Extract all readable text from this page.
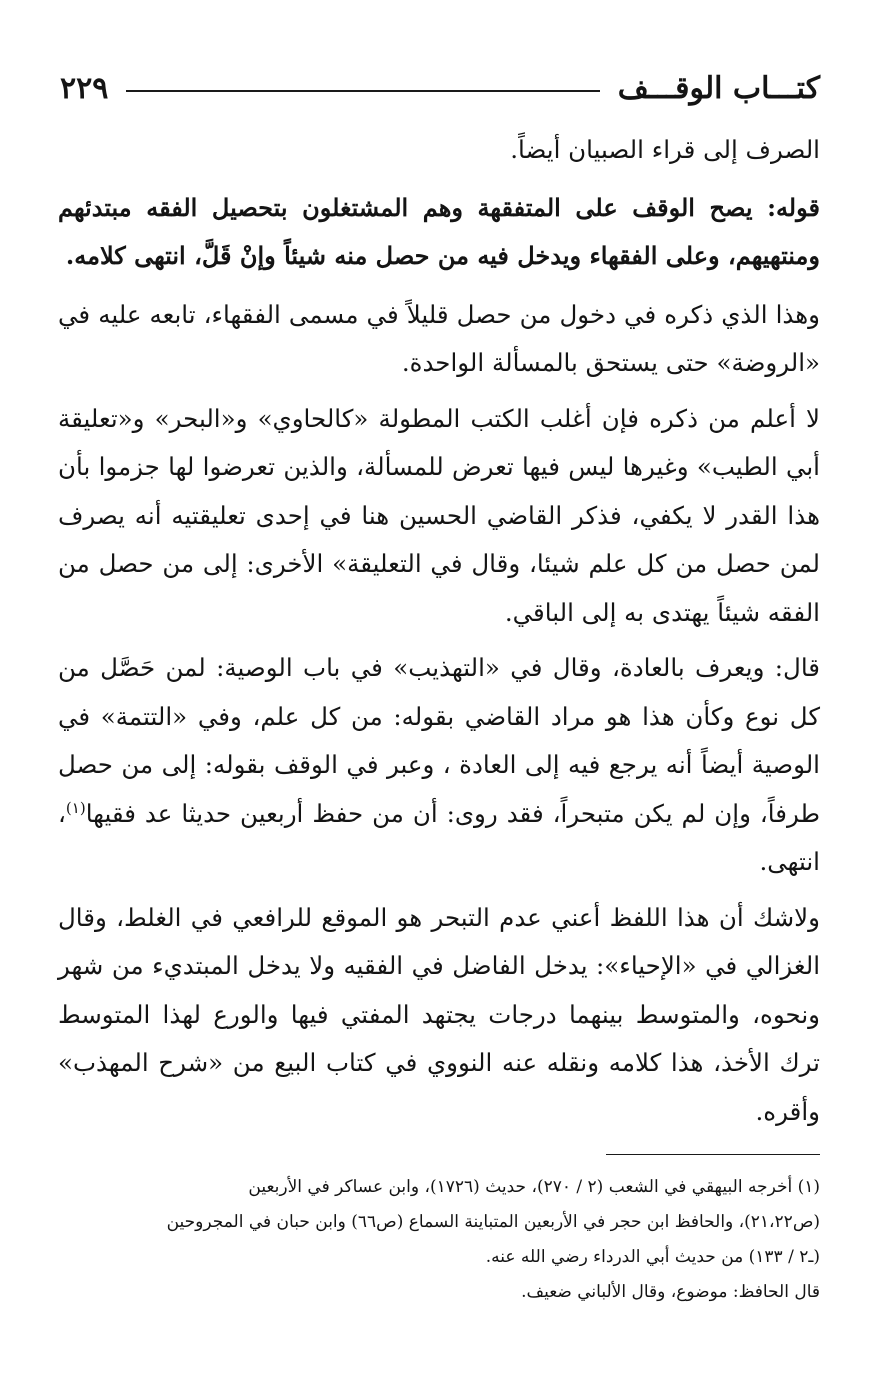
كتـــاب الوقـــف
٢٢٩

الصرف إلى قراء الصبيان أيضاً.

قوله: يصح الوقف على المتفقهة وهم المشتغلون بتحصيل الفقه مبتدئهم ومنتهيهم، وعلى الفقهاء ويدخل فيه من حصل منه شيئاً وإنْ قَلَّ، انتهى كلامه.

وهذا الذي ذكره في دخول من حصل قليلاً في مسمى الفقهاء، تابعه عليه في «الروضة» حتى يستحق بالمسألة الواحدة.

لا أعلم من ذكره فإن أغلب الكتب المطولة «كالحاوي» و«البحر» و«تعليقة أبي الطيب» وغيرها ليس فيها تعرض للمسألة، والذين تعرضوا لها جزموا بأن هذا القدر لا يكفي، فذكر القاضي الحسين هنا في إحدى تعليقتيه أنه يصرف لمن حصل من كل علم شيئا، وقال في التعليقة» الأخرى: إلى من حصل من الفقه شيئاً يهتدى به إلى الباقي.

قال: ويعرف بالعادة، وقال في «التهذيب» في باب الوصية: لمن حَصَّل من كل نوع وكأن هذا هو مراد القاضي بقوله: من كل علم، وفي «التتمة» في الوصية أيضاً أنه يرجع فيه إلى العادة ، وعبر في الوقف بقوله: إلى من حصل طرفاً، وإن لم يكن متبحراً، فقد روى: أن من حفظ أربعين حديثا عد فقيها$^{(١)}$، انتهى.

ولاشك أن هذا اللفظ أعني عدم التبحر هو الموقع للرافعي في الغلط، وقال الغزالي في «الإحياء»: يدخل الفاضل في الفقيه ولا يدخل المبتديء من شهر ونحوه، والمتوسط بينهما درجات يجتهد المفتي فيها والورع لهذا المتوسط ترك الأخذ، هذا كلامه ونقله عنه النووي في كتاب البيع من «شرح المهذب» وأقره.

(١) أخرجه البيهقي في الشعب (٢ / ٢٧٠)، حديث (١٧٢٦)، وابن عساكر في الأربعين

(ص٢١،٢٢)، والحافظ ابن حجر في الأربعين المتباينة السماع (ص٦٦) وابن حبان في المجروحين

(ـ٢ / ١٣٣) من حديث أبي الدرداء رضي الله عنه.

قال الحافظ: موضوع، وقال الألباني ضعيف.
